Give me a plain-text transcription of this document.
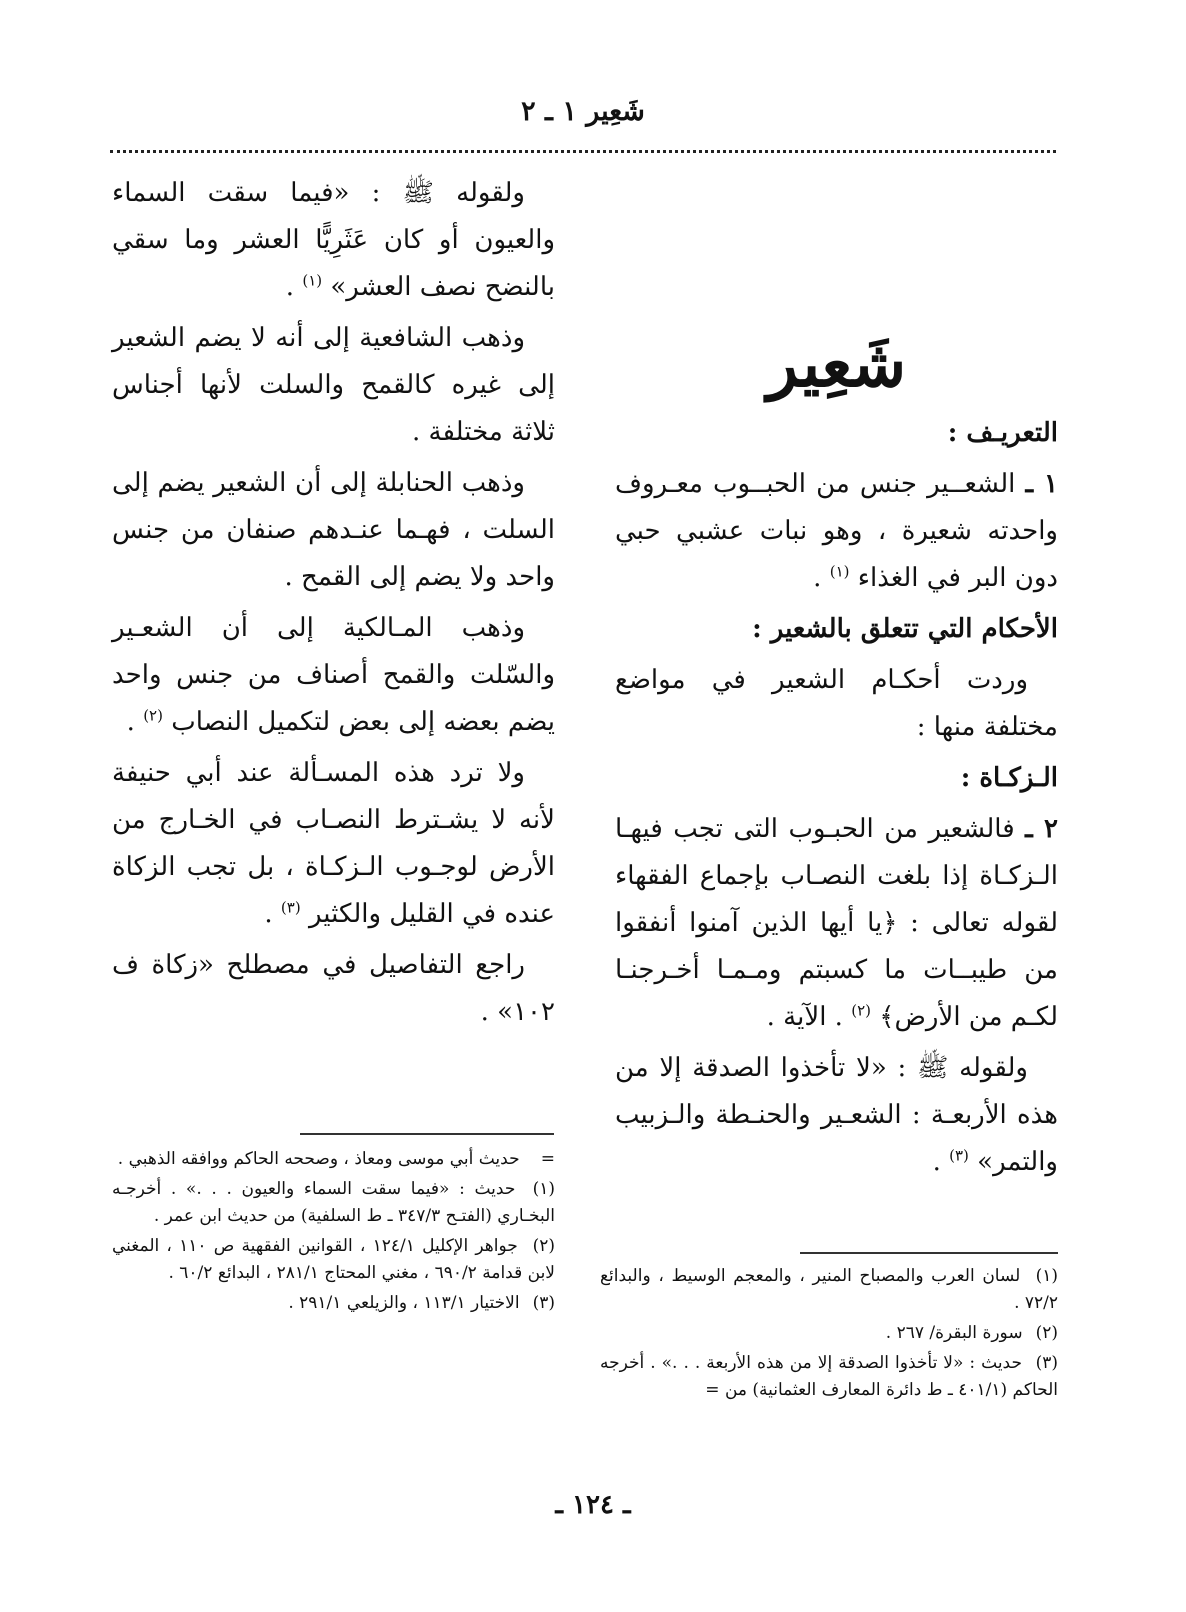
شَعِير ١ ـ ٢
شَعِير

التعريـف :

١ ـ الشعــير جنس من الحبــوب معـروف واحدته شعيرة ، وهو نبات عشبي حبي دون البر في الغذاء $^{(١)}$ .

الأحكام التي تتعلق بالشعير :

وردت أحكـام الشعير في مواضع مختلفة منها :

الـزكـاة :

٢ ـ فالشعير من الحبـوب التى تجب فيهـا الـزكـاة إذا بلغت النصـاب بإجماع الفقهاء لقوله تعالى : ﴿يا أيها الذين آمنوا أنفقوا من طيبــات ما كسبتم ومـمـا أخـرجنـا لكـم من الأرض﴾ $^{(٢)}$ . الآية .

ولقوله ﷺ : «لا تأخذوا الصدقة إلا من هذه الأربعـة : الشعـير والحنـطة والـزبيب والتمر» $^{(٣)}$ .

ولقوله ﷺ : «فيما سقت السماء والعيون أو كان عَثَرِيًّا العشر وما سقي بالنضح نصف العشر» $^{(١)}$ .

وذهب الشافعية إلى أنه لا يضم الشعير إلى غيره كالقمح والسلت لأنها أجناس ثلاثة مختلفة .

وذهب الحنابلة إلى أن الشعير يضم إلى السلت ، فهـما عنـدهم صنفان من جنس واحد ولا يضم إلى القمح .

وذهب المـالكية إلى أن الشعـير والسّلت والقمح أصناف من جنس واحد يضم بعضه إلى بعض لتكميل النصاب $^{(٢)}$ .

ولا ترد هذه المسـألة عند أبي حنيفة لأنه لا يشـترط النصـاب في الخـارج من الأرض لوجـوب الـزكـاة ، بل تجب الزكاة عنده في القليل والكثير $^{(٣)}$ .

راجع التفاصيل في مصطلح «زكاة ف ١٠٢» .

(١) لسان العرب والمصباح المنير ، والمعجم الوسيط ، والبدائع ٧٢/٢ .

(٢) سورة البقرة/ ٢٦٧ .

(٣) حديث : «لا تأخذوا الصدقة إلا من هذه الأربعة . . .» . أخرجه الحاكم (٤٠١/١ ـ ط دائرة المعارف العثمانية) من =

= حديث أبي موسى ومعاذ ، وصححه الحاكم ووافقه الذهبي .

(١) حديث : «فيما سقت السماء والعيون . . .» . أخرجـه البخـاري (الفتـح ٣٤٧/٣ ـ ط السلفية) من حديث ابن عمر .

(٢) جواهر الإكليل ١٢٤/١ ، القوانين الفقهية ص ١١٠ ، المغني لابن قدامة ٦٩٠/٢ ، مغني المحتاج ٢٨١/١ ، البدائع ٦٠/٢ .

(٣) الاختيار ١١٣/١ ، والزيلعي ٢٩١/١ .

ـ ١٢٤ ـ
